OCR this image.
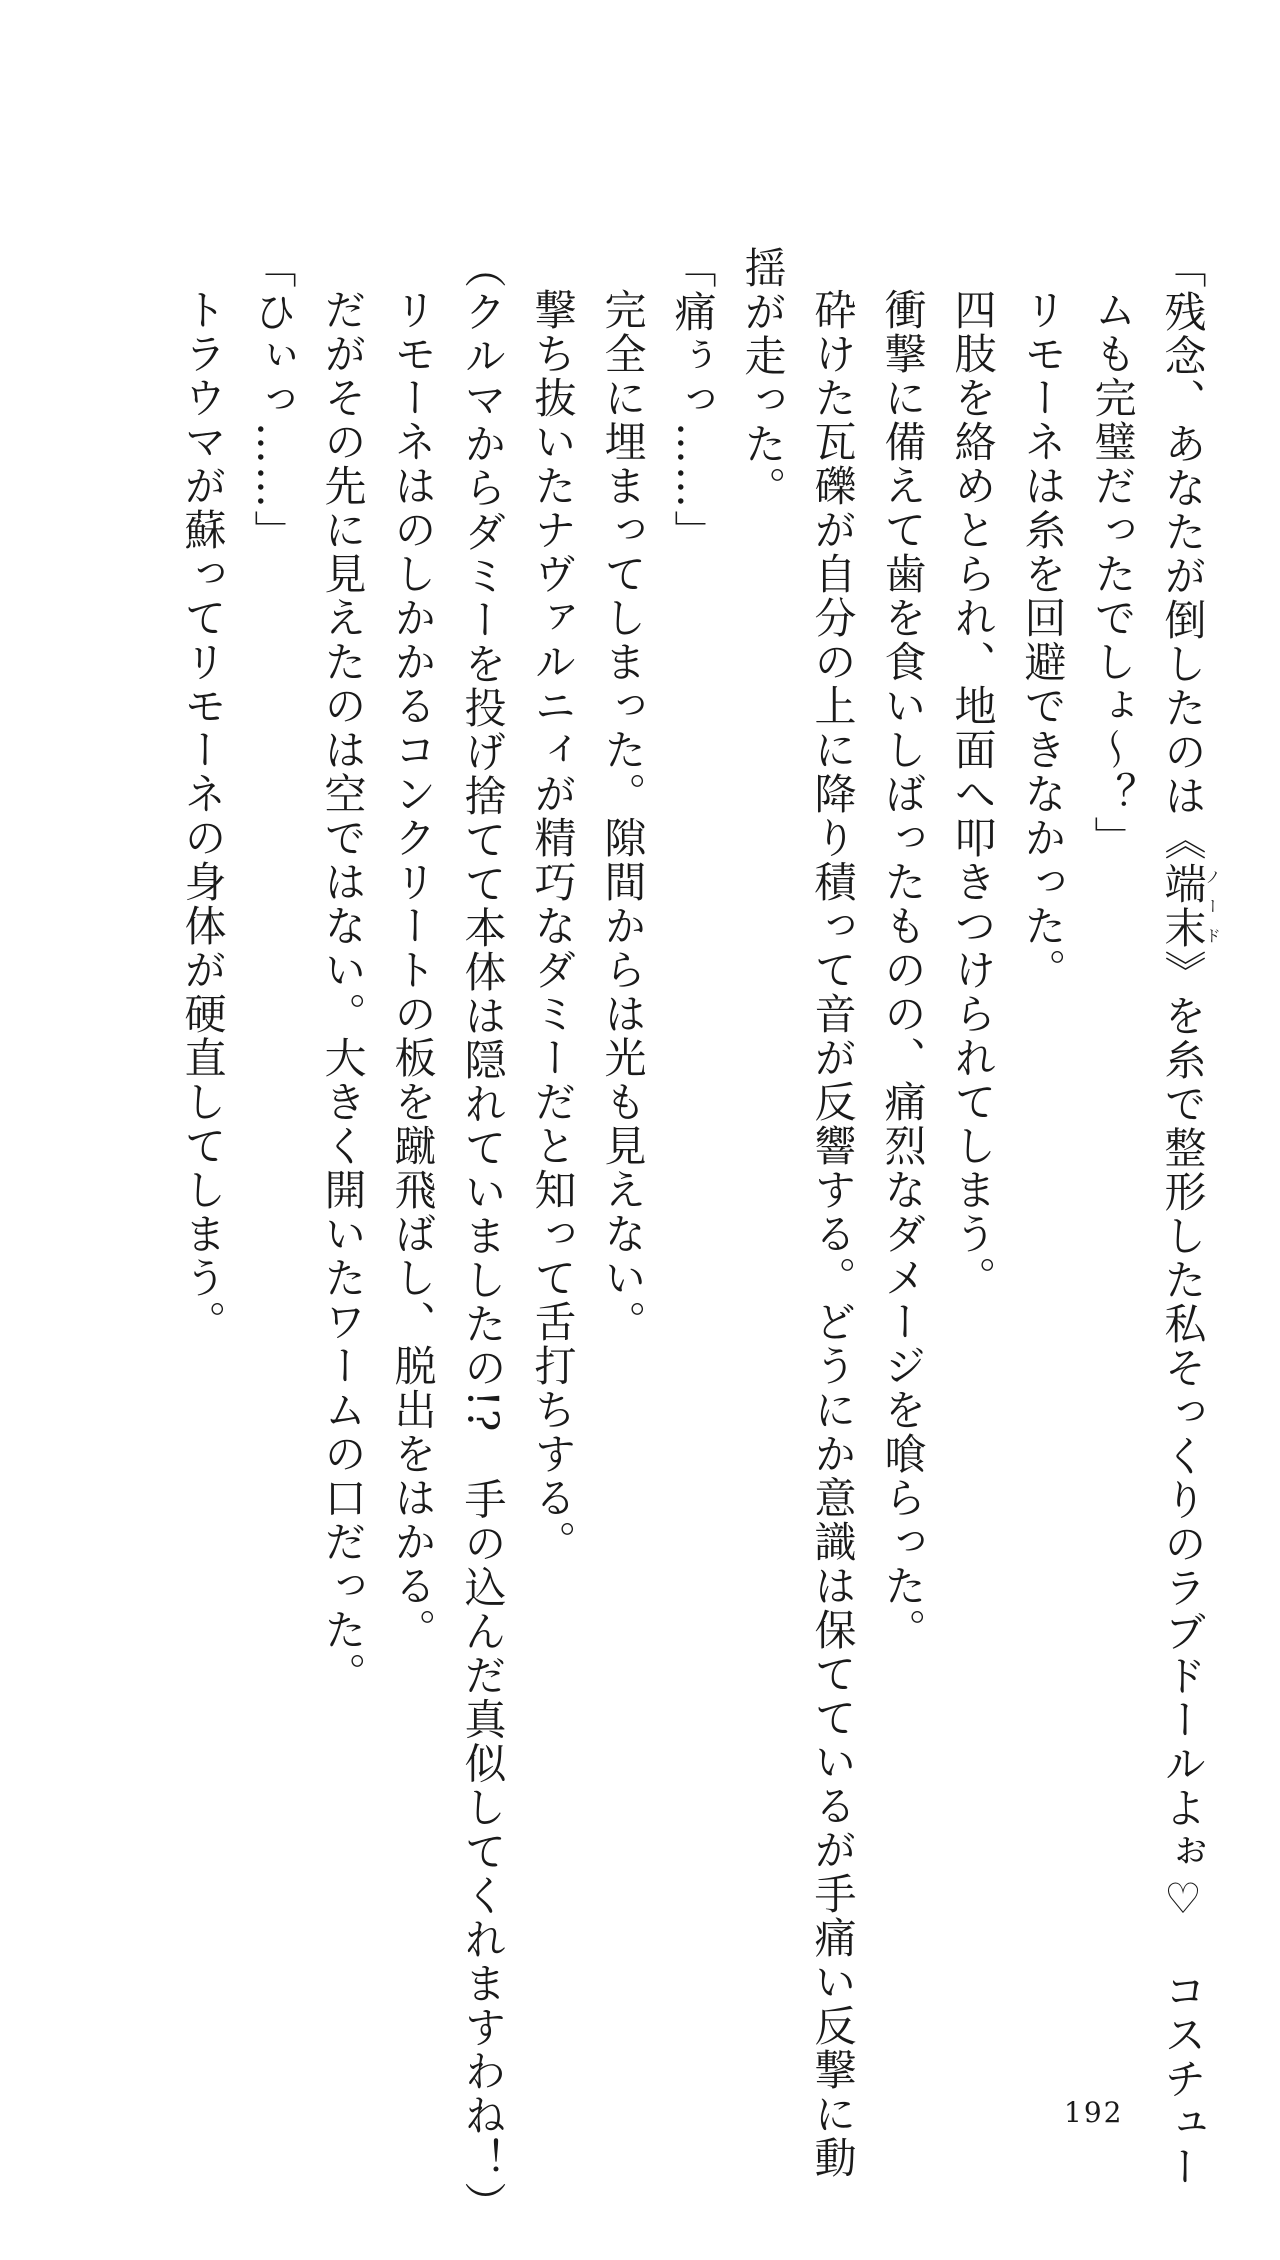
「残念、あなたが倒したのは《端末ノード》を糸で整形した私そっくりのラブドールよぉ♡　コスチュー

ムも完璧だったでしょ～？」

リモーネは糸を回避できなかった。

四肢を絡めとられ、地面へ叩きつけられてしまう。

衝撃に備えて歯を食いしばったものの、痛烈なダメージを喰らった。

砕けた瓦礫が自分の上に降り積って音が反響する。どうにか意識は保てているが手痛い反撃に動

揺が走った。

「痛ぅっ……」

完全に埋まってしまった。隙間からは光も見えない。

撃ち抜いたナヴァルニィが精巧なダミーだと知って舌打ちする。

（クルマからダミーを投げ捨てて本体は隠れていましたの!?　手の込んだ真似してくれますわね！）

リモーネはのしかかるコンクリートの板を蹴飛ばし、脱出をはかる。

だがその先に見えたのは空ではない。大きく開いたワームの口だった。

「ひぃっ……」

トラウマが蘇ってリモーネの身体が硬直してしまう。

192
